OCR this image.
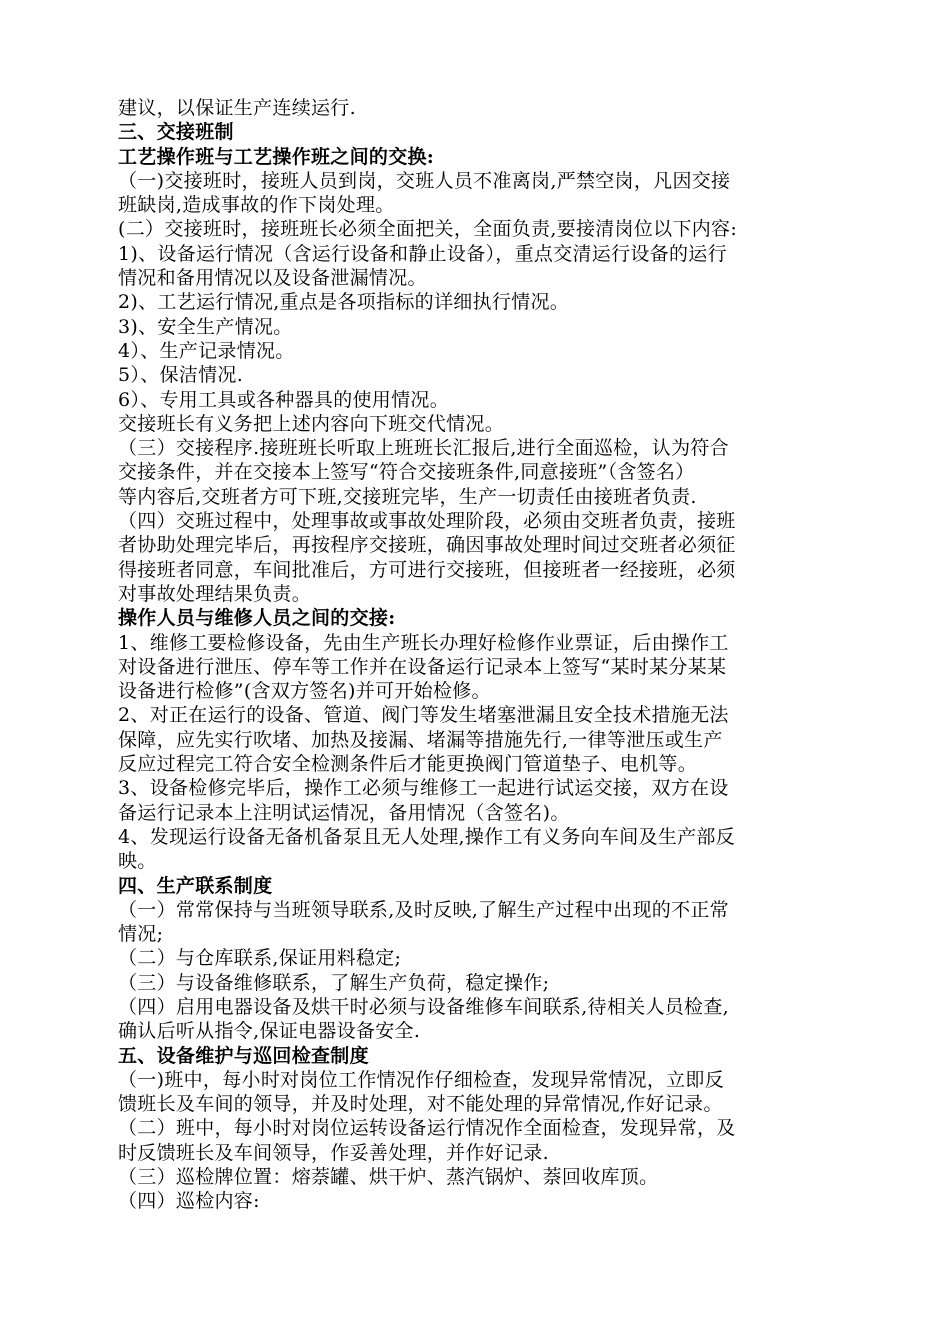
建议，以保证生产连续运行.
三、交接班制
工艺操作班与工艺操作班之间的交换:
（一)交接班时，接班人员到岗，交班人员不准离岗,严禁空岗，凡因交接
班缺岗,造成事故的作下岗处理。
(二）交接班时，接班班长必须全面把关，全面负责,要接清岗位以下内容:
1)、设备运行情况（含运行设备和静止设备），重点交清运行设备的运行
情况和备用情况以及设备泄漏情况。
2)、工艺运行情况,重点是各项指标的详细执行情况。
3)、安全生产情况。
4）、生产记录情况。
5）、保洁情况.
6）、专用工具或各种器具的使用情况。
交接班长有义务把上述内容向下班交代情况。
（三）交接程序.接班班长听取上班班长汇报后,进行全面巡检，认为符合
交接条件，并在交接本上签写“符合交接班条件,同意接班”（含签名）
等内容后,交班者方可下班,交接班完毕，生产一切责任由接班者负责.
（四）交班过程中，处理事故或事故处理阶段，必须由交班者负责，接班
者协助处理完毕后，再按程序交接班，确因事故处理时间过交班者必须征
得接班者同意，车间批准后，方可进行交接班，但接班者一经接班，必须
对事故处理结果负责。
操作人员与维修人员之间的交接:
1、维修工要检修设备，先由生产班长办理好检修作业票证，后由操作工
对设备进行泄压、停车等工作并在设备运行记录本上签写“某时某分某某
设备进行检修”(含双方签名)并可开始检修。
2、对正在运行的设备、管道、阀门等发生堵塞泄漏且安全技术措施无法
保障，应先实行吹堵、加热及接漏、堵漏等措施先行,一律等泄压或生产
反应过程完工符合安全检测条件后才能更换阀门管道垫子、电机等。
3、设备检修完毕后，操作工必须与维修工一起进行试运交接，双方在设
备运行记录本上注明试运情况，备用情况（含签名)。
4、发现运行设备无备机备泵且无人处理,操作工有义务向车间及生产部反
映。
四、生产联系制度
（一）常常保持与当班领导联系,及时反映,了解生产过程中出现的不正常
情况;
（二）与仓库联系,保证用料稳定;
（三）与设备维修联系，了解生产负荷，稳定操作;
（四）启用电器设备及烘干时必须与设备维修车间联系,待相关人员检查,
确认后听从指令,保证电器设备安全.
五、设备维护与巡回检查制度
（一)班中，每小时对岗位工作情况作仔细检查，发现异常情况，立即反
馈班长及车间的领导，并及时处理，对不能处理的异常情况,作好记录。
（二）班中，每小时对岗位运转设备运行情况作全面检查，发现异常，及
时反馈班长及车间领导，作妥善处理，并作好记录.
（三）巡检牌位置：熔萘罐、烘干炉、蒸汽锅炉、萘回收库顶。
（四）巡检内容:
